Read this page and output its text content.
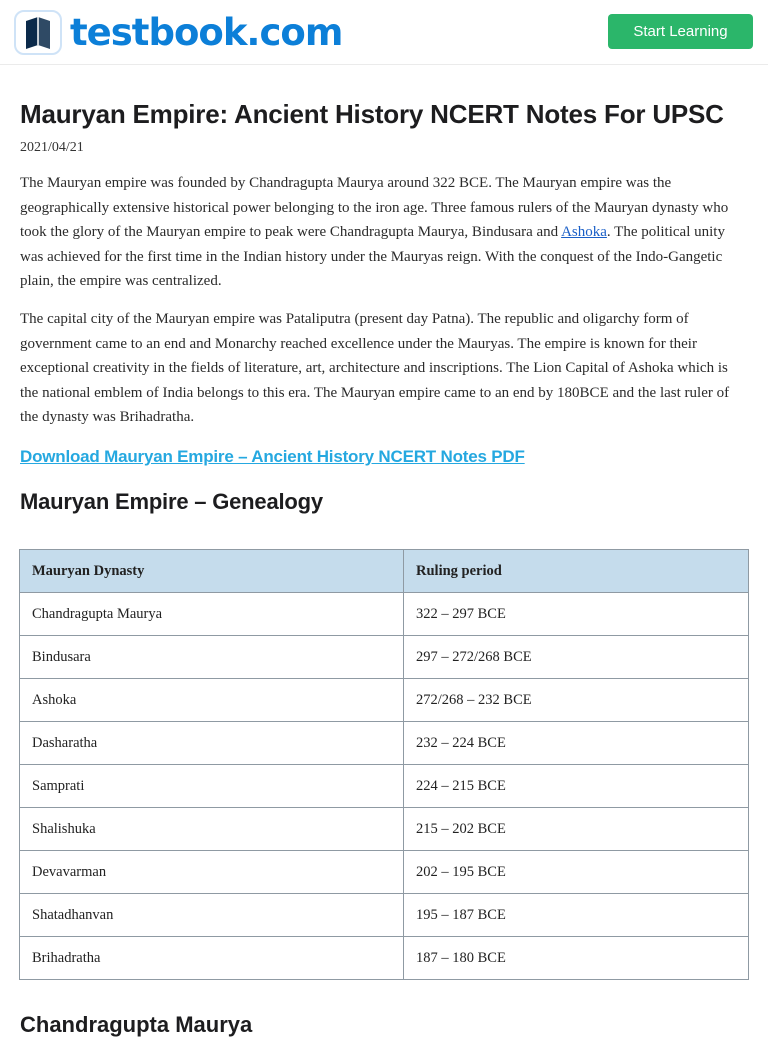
testbook.com	Start Learning
Mauryan Empire: Ancient History NCERT Notes For UPSC
2021/04/21

The Mauryan empire was founded by Chandragupta Maurya around 322 BCE. The Mauryan empire was the geographically extensive historical power belonging to the iron age. Three famous rulers of the Mauryan dynasty who took the glory of the Mauryan empire to peak were Chandragupta Maurya, Bindusara and Ashoka. The political unity was achieved for the first time in the Indian history under the Mauryas reign. With the conquest of the Indo-Gangetic plain, the empire was centralized.

The capital city of the Mauryan empire was Pataliputra (present day Patna). The republic and oligarchy form of government came to an end and Monarchy reached excellence under the Mauryas. The empire is known for their exceptional creativity in the fields of literature, art, architecture and inscriptions. The Lion Capital of Ashoka which is the national emblem of India belongs to this era. The Mauryan empire came to an end by 180BCE and the last ruler of the dynasty was Brihadratha.

Download Mauryan Empire – Ancient History NCERT Notes PDF
Mauryan Empire – Genealogy
Mauryan Dynasty	Ruling period
Chandragupta Maurya	322 – 297 BCE
Bindusara	297 – 272/268 BCE
Ashoka	272/268 – 232 BCE
Dasharatha	232 – 224 BCE
Samprati	224 – 215 BCE
Shalishuka	215 – 202 BCE
Devavarman	202 – 195 BCE
Shatadhanvan	195 – 187 BCE
Brihadratha	187 – 180 BCE
Chandragupta Maurya
